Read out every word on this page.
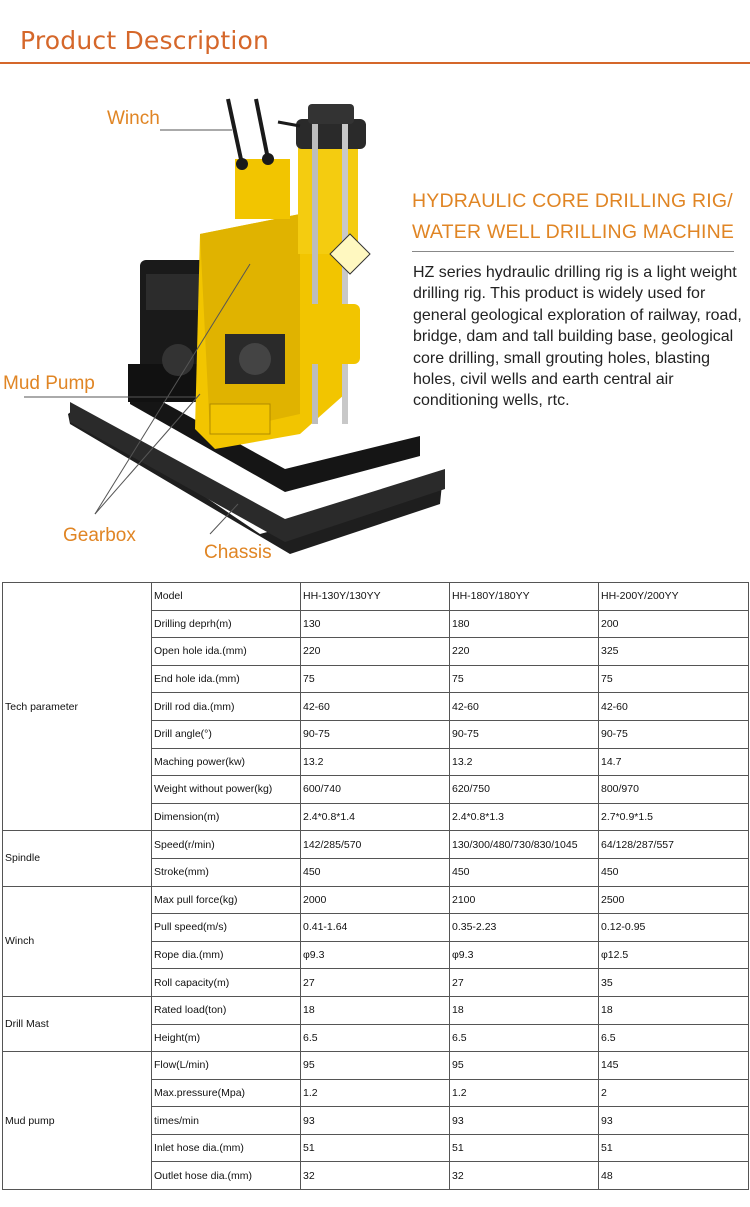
Product Description
Winch
Mud Pump
Gearbox
Chassis
HYDRAULIC CORE DRILLING RIG/
WATER WELL DRILLING MACHINE
HZ series hydraulic drilling rig is a light weight drilling rig. This product is widely used for general geological exploration of railway, road, bridge, dam and tall building base, geological core drilling, small grouting holes, blasting holes, civil wells and earth central air conditioning wells, rtc.
Tech parameter	Model	HH-130Y/130YY	HH-180Y/180YY	HH-200Y/200YY
	Drilling deprh(m)	130	180	200
	Open hole ida.(mm)	220	220	325
	End hole ida.(mm)	75	75	75
	Drill rod dia.(mm)	42-60	42-60	42-60
	Drill angle(°)	90-75	90-75	90-75
	Maching power(kw)	13.2	13.2	14.7
	Weight without power(kg)	600/740	620/750	800/970
	Dimension(m)	2.4*0.8*1.4	2.4*0.8*1.3	2.7*0.9*1.5
Spindle	Speed(r/min)	142/285/570	130/300/480/730/830/1045	64/128/287/557
	Stroke(mm)	450	450	450
Winch	Max pull force(kg)	2000	2100	2500
	Pull speed(m/s)	0.41-1.64	0.35-2.23	0.12-0.95
	Rope dia.(mm)	φ9.3	φ9.3	φ12.5
	Roll capacity(m)	27	27	35
Drill Mast	Rated load(ton)	18	18	18
	Height(m)	6.5	6.5	6.5
Mud pump	Flow(L/min)	95	95	145
	Max.pressure(Mpa)	1.2	1.2	2
	times/min	93	93	93
	Inlet hose dia.(mm)	51	51	51
	Outlet hose dia.(mm)	32	32	48
